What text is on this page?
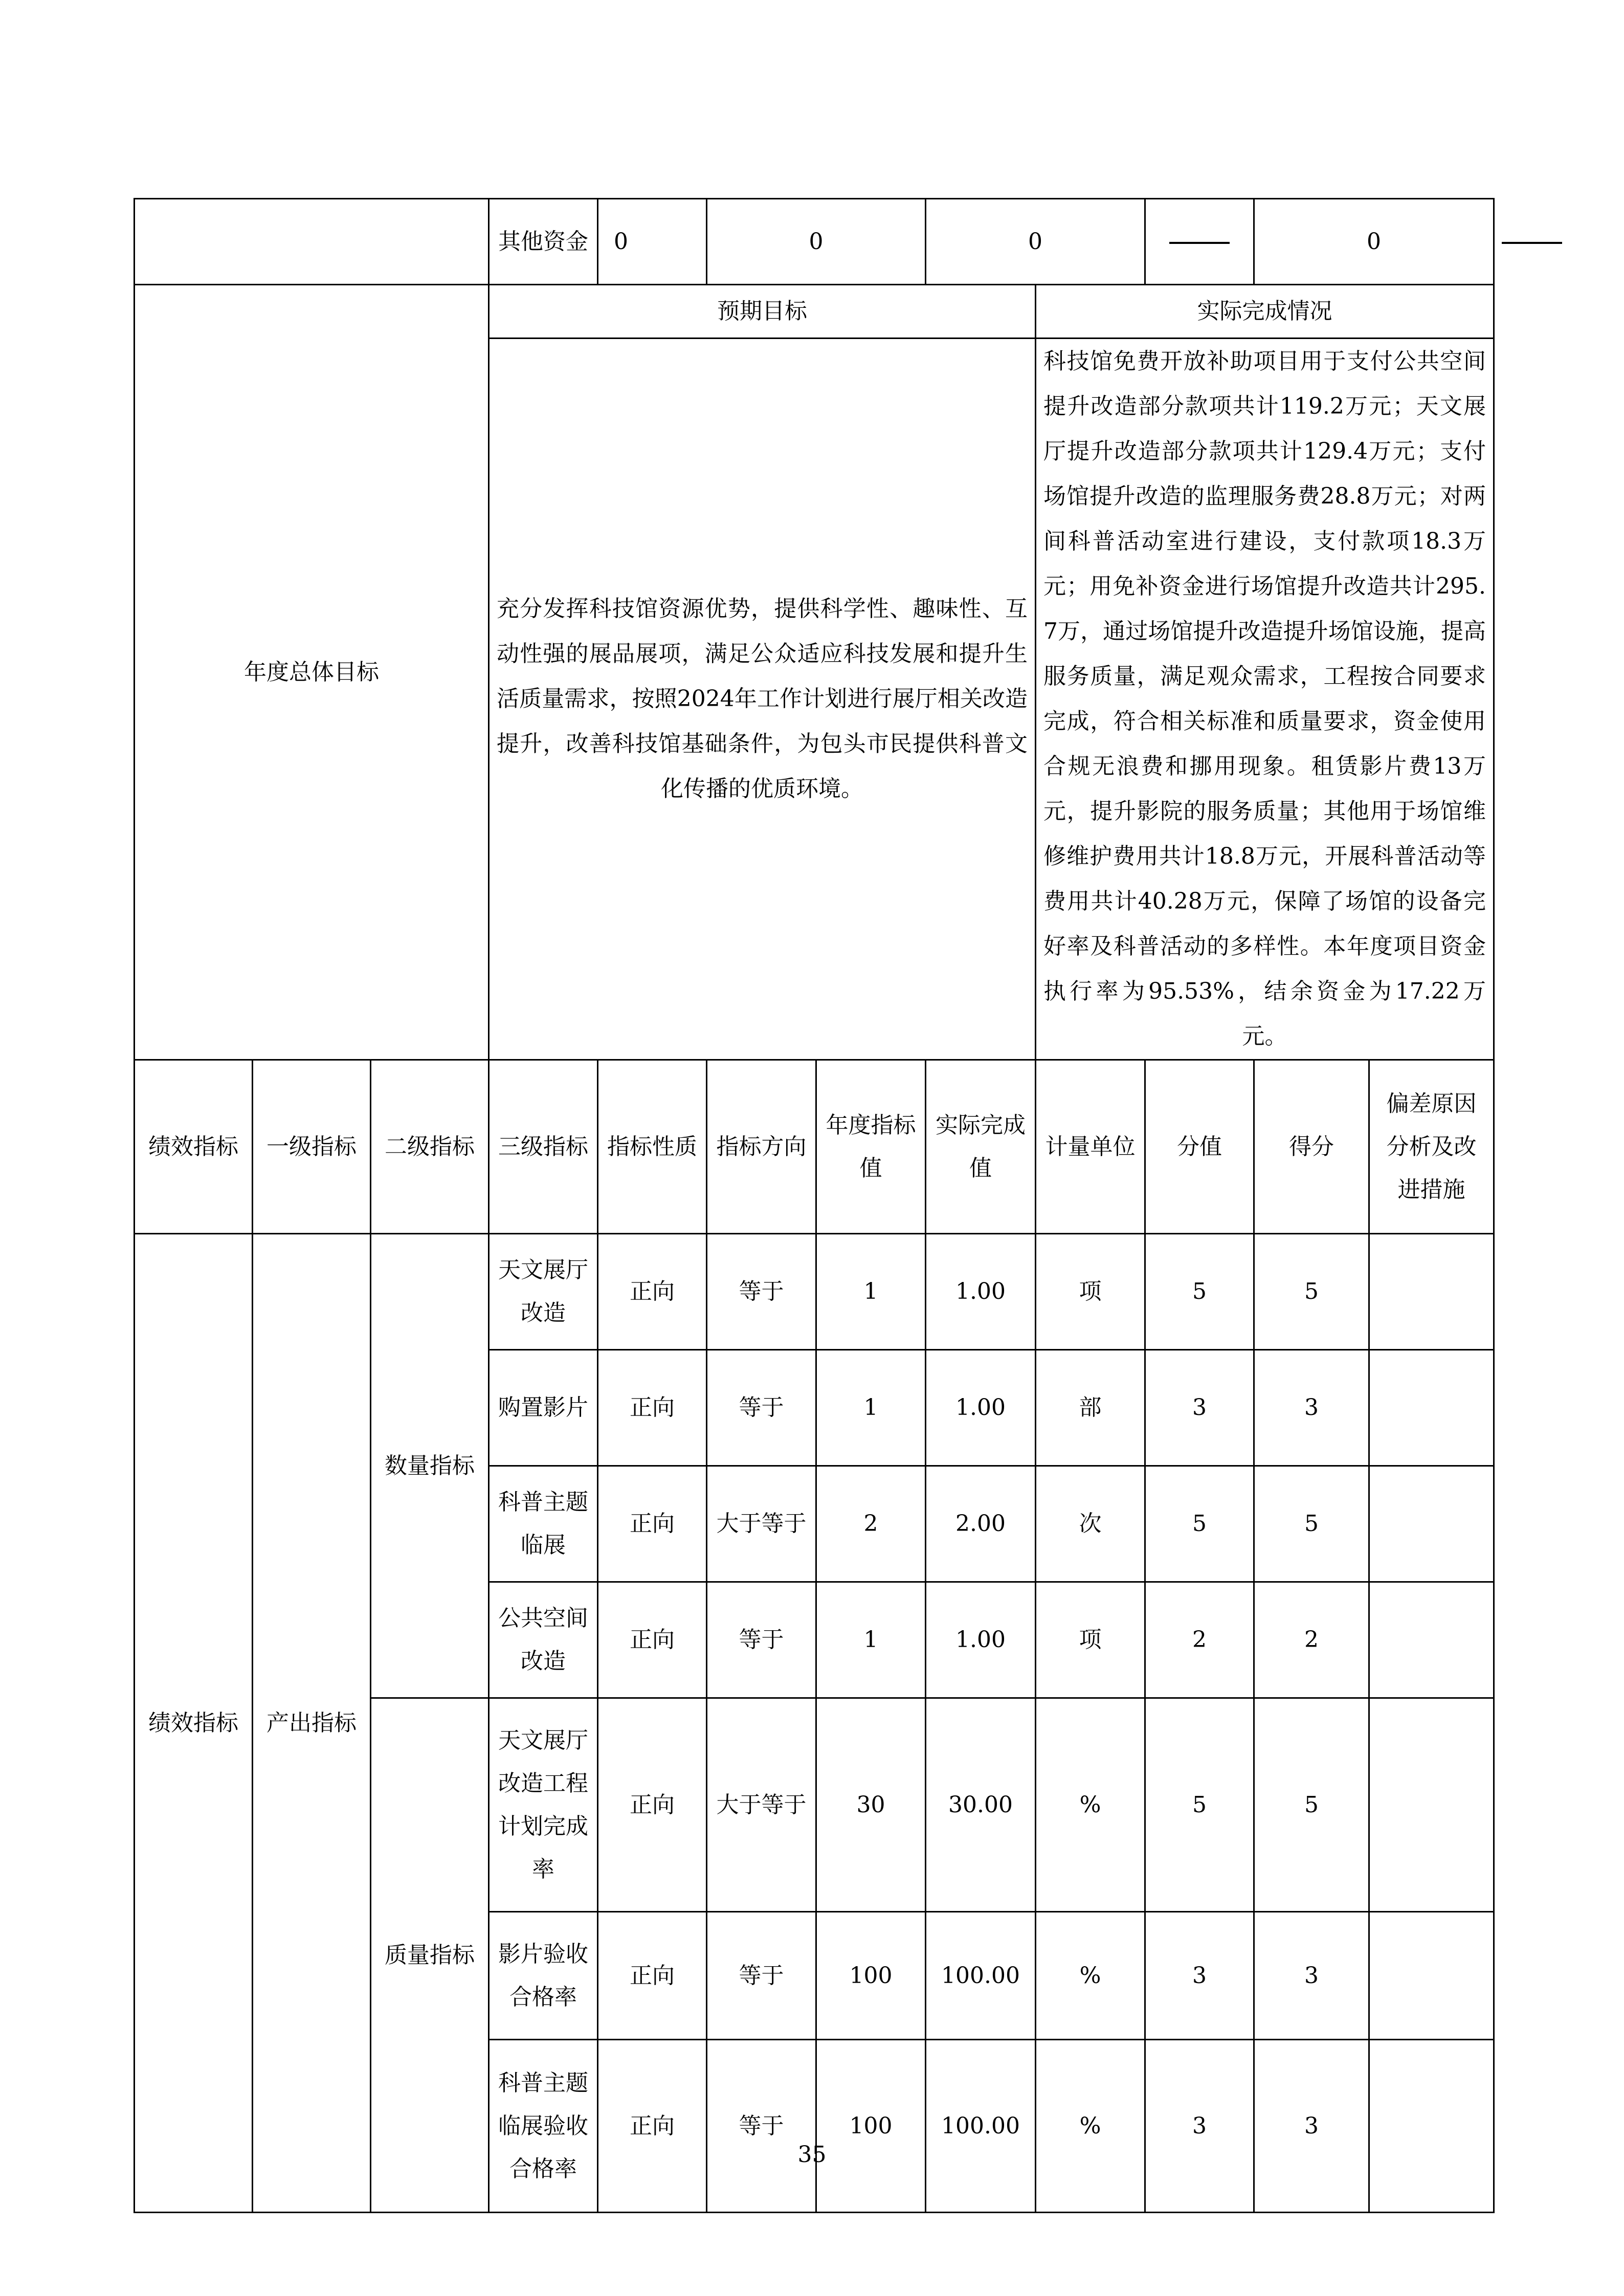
			其他资金	0	0		0			0		
年度总体目标			预期目标					实际完成情况				
			充分发挥科技馆资源优势，提供科学性、趣味性、互动性强的展品展项，满足公众适应科技发展和提升生活质量需求，按照2024年工作计划进行展厅相关改造提升，改善科技馆基础条件，为包头市民提供科普文化传播的优质环境。					科技馆免费开放补助项目用于支付公共空间提升改造部分款项共计119.2万元；天文展厅提升改造部分款项共计129.4万元；支付场馆提升改造的监理服务费28.8万元；对两间科普活动室进行建设，支付款项18.3万元；用免补资金进行场馆提升改造共计295.7万，通过场馆提升改造提升场馆设施，提高服务质量，满足观众需求，工程按合同要求完成，符合相关标准和质量要求，资金使用合规无浪费和挪用现象。租赁影片费13万元，提升影院的服务质量；其他用于场馆维修维护费用共计18.8万元，开展科普活动等费用共计40.28万元，保障了场馆的设备完好率及科普活动的多样性。本年度项目资金执行率为95.53%，结余资金为17.22万元。				
绩效指标	一级指标	二级指标	三级指标	指标性质	指标方向	年度指标值	实际完成值	计量单位	分值	得分	偏差原因分析及改进措施	
绩效指标	产出指标	数量指标	天文展厅改造	正向	等于	1	1.00	项	5	5		
			购置影片	正向	等于	1	1.00	部	3	3		
			科普主题临展	正向	大于等于	2	2.00	次	5	5		
			公共空间改造	正向	等于	1	1.00	项	2	2		
		质量指标	天文展厅改造工程计划完成率	正向	大于等于	30	30.00	%	5	5		
			影片验收合格率	正向	等于	100	100.00	%	3	3		
			科普主题临展验收合格率	正向	等于	100	100.00	%	3	3		
35
